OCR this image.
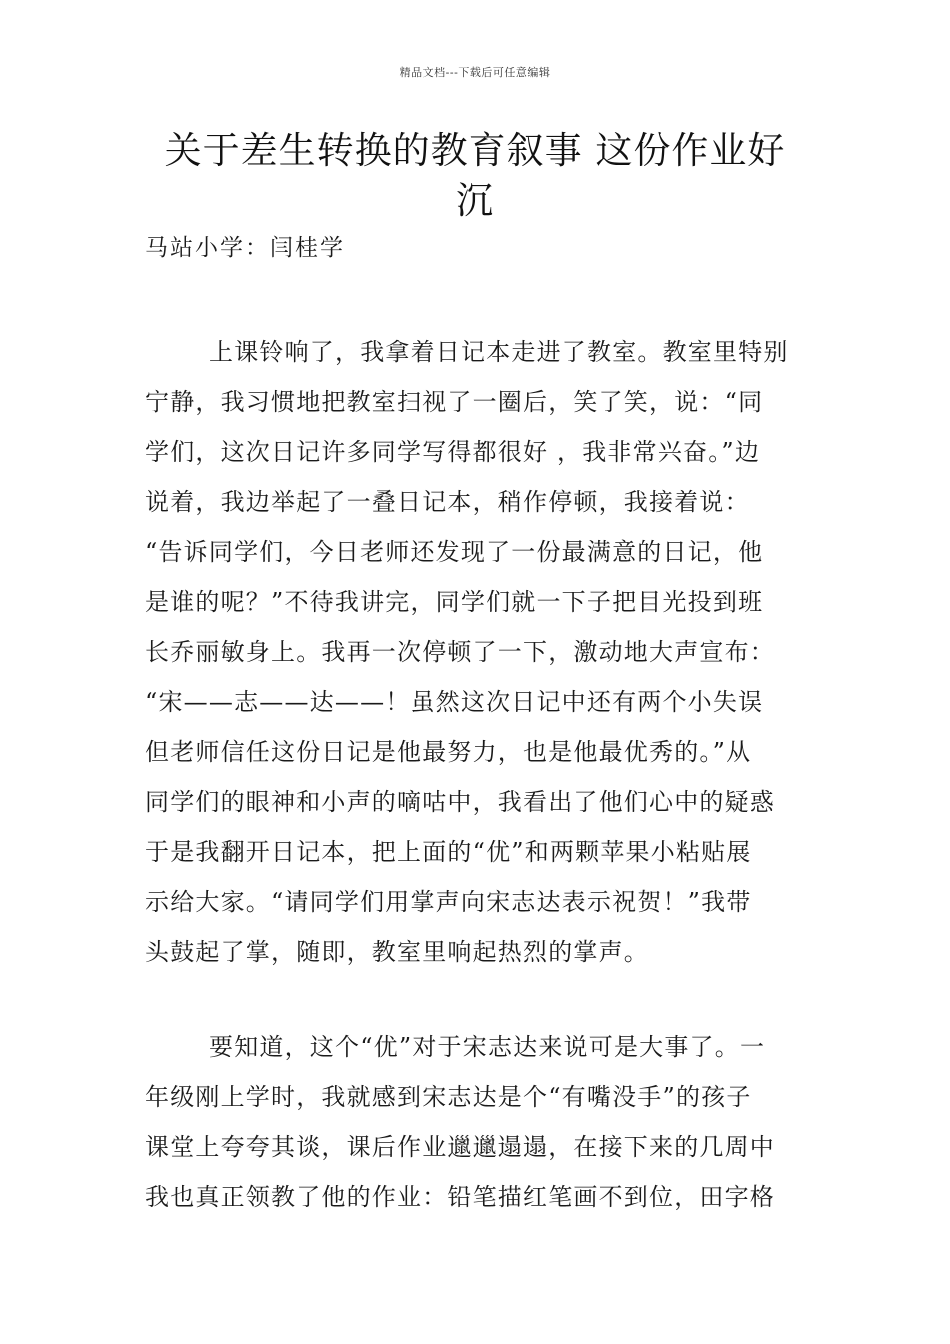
精品文档---下载后可任意编辑
关于差生转换的教育叙事 这份作业好
沉
马站小学：闫桂学
上课铃响了，我拿着日记本走进了教室。教室里特别
宁静，我习惯地把教室扫视了一圈后，笑了笑，说：“同
学们，这次日记许多同学写得都很好 ，我非常兴奋。”边
说着，我边举起了一叠日记本，稍作停顿，我接着说：
“告诉同学们，今日老师还发现了一份最满意的日记，他
是谁的呢？”不待我讲完，同学们就一下子把目光投到班
长乔丽敏身上。我再一次停顿了一下，激动地大声宣布：
“宋——志——达——！虽然这次日记中还有两个小失误
但老师信任这份日记是他最努力，也是他最优秀的。”从
同学们的眼神和小声的嘀咕中，我看出了他们心中的疑惑
于是我翻开日记本，把上面的“优”和两颗苹果小粘贴展
示给大家。“请同学们用掌声向宋志达表示祝贺！”我带
头鼓起了掌，随即，教室里响起热烈的掌声。
要知道，这个“优”对于宋志达来说可是大事了。一
年级刚上学时，我就感到宋志达是个“有嘴没手”的孩子
课堂上夸夸其谈，课后作业邋邋遢遢，在接下来的几周中
我也真正领教了他的作业：铅笔描红笔画不到位，田字格
